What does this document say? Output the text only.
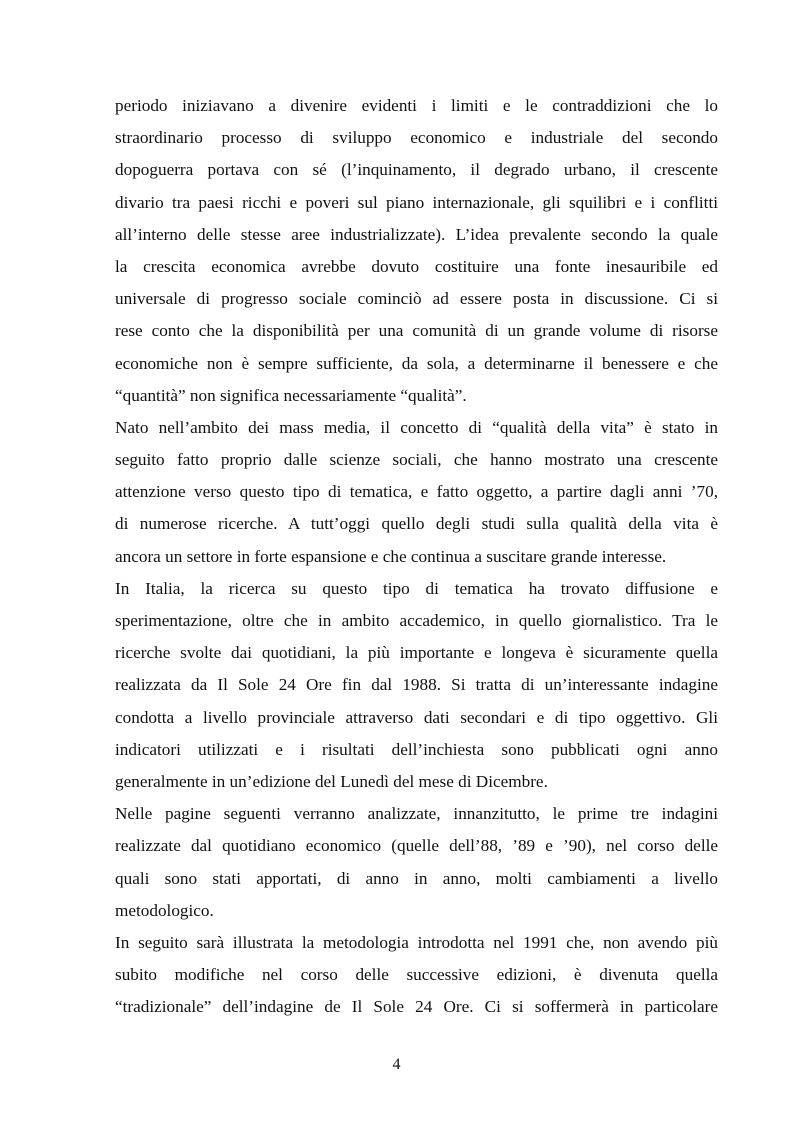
periodo iniziavano a divenire evidenti i limiti e le contraddizioni che lo
straordinario processo di sviluppo economico e industriale del secondo
dopoguerra portava con sé (l’inquinamento, il degrado urbano, il crescente
divario tra paesi ricchi e poveri sul piano internazionale, gli squilibri e i conflitti
all’interno delle stesse aree industrializzate). L’idea prevalente secondo la quale
la crescita economica avrebbe dovuto costituire una fonte inesauribile ed
universale di progresso sociale cominciò ad essere posta in discussione. Ci si
rese conto che la disponibilità per una comunità di un grande volume di risorse
economiche non è sempre sufficiente, da sola, a determinarne il benessere e che
“quantità” non significa necessariamente “qualità”.
Nato nell’ambito dei mass media, il concetto di “qualità della vita” è stato in
seguito fatto proprio dalle scienze sociali, che hanno mostrato una crescente
attenzione verso questo tipo di tematica, e fatto oggetto, a partire dagli anni ’70,
di numerose ricerche. A tutt’oggi quello degli studi sulla qualità della vita è
ancora un settore in forte espansione e che continua a suscitare grande interesse.
In Italia, la ricerca su questo tipo di tematica ha trovato diffusione e
sperimentazione, oltre che in ambito accademico, in quello giornalistico. Tra le
ricerche svolte dai quotidiani, la più importante e longeva è sicuramente quella
realizzata da Il Sole 24 Ore fin dal 1988. Si tratta di un’interessante indagine
condotta a livello provinciale attraverso dati secondari e di tipo oggettivo. Gli
indicatori utilizzati e i risultati dell’inchiesta sono pubblicati ogni anno
generalmente in un’edizione del Lunedì del mese di Dicembre.
Nelle pagine seguenti verranno analizzate, innanzitutto, le prime tre indagini
realizzate dal quotidiano economico (quelle dell’88, ’89 e ’90), nel corso delle
quali sono stati apportati, di anno in anno, molti cambiamenti a livello
metodologico.
In seguito sarà illustrata la metodologia introdotta nel 1991 che, non avendo più
subito modifiche nel corso delle successive edizioni, è divenuta quella
“tradizionale” dell’indagine de Il Sole 24 Ore. Ci si soffermerà in particolare
4
